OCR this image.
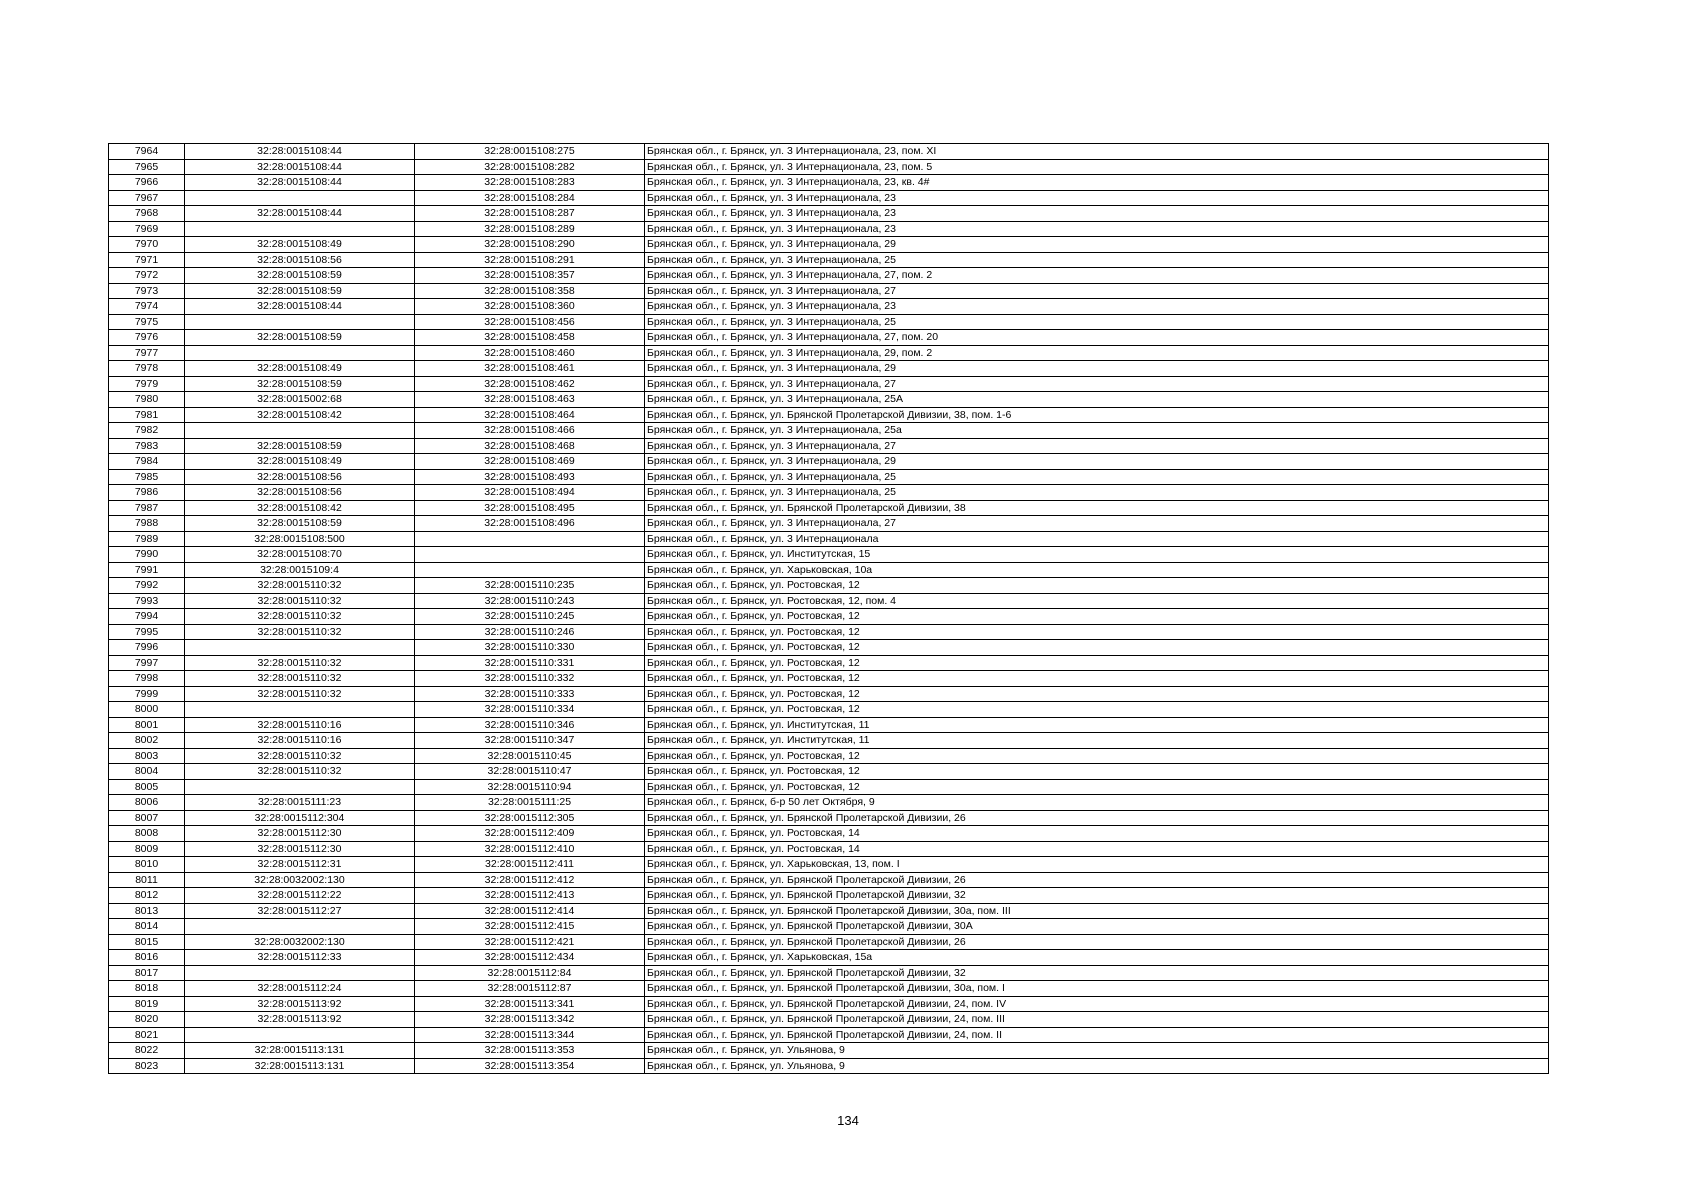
7964	32:28:0015108:44	32:28:0015108:275	Брянская обл., г. Брянск, ул. 3 Интернационала, 23, пом. XI
7965	32:28:0015108:44	32:28:0015108:282	Брянская обл., г. Брянск, ул. 3 Интернационала, 23, пом. 5
7966	32:28:0015108:44	32:28:0015108:283	Брянская обл., г. Брянск, ул. 3 Интернационала, 23, кв. 4#
7967		32:28:0015108:284	Брянская обл., г. Брянск, ул. 3 Интернационала, 23
7968	32:28:0015108:44	32:28:0015108:287	Брянская обл., г. Брянск, ул. 3 Интернационала, 23
7969		32:28:0015108:289	Брянская обл., г. Брянск, ул. 3 Интернационала, 23
7970	32:28:0015108:49	32:28:0015108:290	Брянская обл., г. Брянск, ул. 3 Интернационала, 29
7971	32:28:0015108:56	32:28:0015108:291	Брянская обл., г. Брянск, ул. 3 Интернационала, 25
7972	32:28:0015108:59	32:28:0015108:357	Брянская обл., г. Брянск, ул. 3 Интернационала, 27, пом. 2
7973	32:28:0015108:59	32:28:0015108:358	Брянская обл., г. Брянск, ул. 3 Интернационала, 27
7974	32:28:0015108:44	32:28:0015108:360	Брянская обл., г. Брянск, ул. 3 Интернационала, 23
7975		32:28:0015108:456	Брянская обл., г. Брянск, ул. 3 Интернационала, 25
7976	32:28:0015108:59	32:28:0015108:458	Брянская обл., г. Брянск, ул. 3 Интернационала, 27, пом. 20
7977		32:28:0015108:460	Брянская обл., г. Брянск, ул. 3 Интернационала, 29, пом. 2
7978	32:28:0015108:49	32:28:0015108:461	Брянская обл., г. Брянск, ул. 3 Интернационала, 29
7979	32:28:0015108:59	32:28:0015108:462	Брянская обл., г. Брянск, ул. 3 Интернационала, 27
7980	32:28:0015002:68	32:28:0015108:463	Брянская обл., г. Брянск, ул. 3 Интернационала, 25А
7981	32:28:0015108:42	32:28:0015108:464	Брянская обл., г. Брянск, ул. Брянской Пролетарской Дивизии, 38, пом. 1-6
7982		32:28:0015108:466	Брянская обл., г. Брянск, ул. 3 Интернационала, 25а
7983	32:28:0015108:59	32:28:0015108:468	Брянская обл., г. Брянск, ул. 3 Интернационала, 27
7984	32:28:0015108:49	32:28:0015108:469	Брянская обл., г. Брянск, ул. 3 Интернационала, 29
7985	32:28:0015108:56	32:28:0015108:493	Брянская обл., г. Брянск, ул. 3 Интернационала, 25
7986	32:28:0015108:56	32:28:0015108:494	Брянская обл., г. Брянск, ул. 3 Интернационала, 25
7987	32:28:0015108:42	32:28:0015108:495	Брянская обл., г. Брянск, ул. Брянской Пролетарской Дивизии, 38
7988	32:28:0015108:59	32:28:0015108:496	Брянская обл., г. Брянск, ул. 3 Интернационала, 27
7989	32:28:0015108:500		Брянская обл., г. Брянск, ул. 3 Интернационала
7990	32:28:0015108:70		Брянская обл., г. Брянск, ул. Институтская, 15
7991	32:28:0015109:4		Брянская обл., г. Брянск, ул. Харьковская, 10а
7992	32:28:0015110:32	32:28:0015110:235	Брянская обл., г. Брянск, ул. Ростовская, 12
7993	32:28:0015110:32	32:28:0015110:243	Брянская обл., г. Брянск, ул. Ростовская, 12, пом. 4
7994	32:28:0015110:32	32:28:0015110:245	Брянская обл., г. Брянск, ул. Ростовская, 12
7995	32:28:0015110:32	32:28:0015110:246	Брянская обл., г. Брянск, ул. Ростовская, 12
7996		32:28:0015110:330	Брянская обл., г. Брянск, ул. Ростовская, 12
7997	32:28:0015110:32	32:28:0015110:331	Брянская обл., г. Брянск, ул. Ростовская, 12
7998	32:28:0015110:32	32:28:0015110:332	Брянская обл., г. Брянск, ул. Ростовская, 12
7999	32:28:0015110:32	32:28:0015110:333	Брянская обл., г. Брянск, ул. Ростовская, 12
8000		32:28:0015110:334	Брянская обл., г. Брянск, ул. Ростовская, 12
8001	32:28:0015110:16	32:28:0015110:346	Брянская обл., г. Брянск, ул. Институтская, 11
8002	32:28:0015110:16	32:28:0015110:347	Брянская обл., г. Брянск, ул. Институтская, 11
8003	32:28:0015110:32	32:28:0015110:45	Брянская обл., г. Брянск, ул. Ростовская, 12
8004	32:28:0015110:32	32:28:0015110:47	Брянская обл., г. Брянск, ул. Ростовская, 12
8005		32:28:0015110:94	Брянская обл., г. Брянск, ул. Ростовская, 12
8006	32:28:0015111:23	32:28:0015111:25	Брянская обл., г. Брянск, б-р 50 лет Октября, 9
8007	32:28:0015112:304	32:28:0015112:305	Брянская обл., г. Брянск, ул. Брянской Пролетарской Дивизии, 26
8008	32:28:0015112:30	32:28:0015112:409	Брянская обл., г. Брянск, ул. Ростовская, 14
8009	32:28:0015112:30	32:28:0015112:410	Брянская обл., г. Брянск, ул. Ростовская, 14
8010	32:28:0015112:31	32:28:0015112:411	Брянская обл., г. Брянск, ул. Харьковская, 13, пом. I
8011	32:28:0032002:130	32:28:0015112:412	Брянская обл., г. Брянск, ул. Брянской Пролетарской Дивизии, 26
8012	32:28:0015112:22	32:28:0015112:413	Брянская обл., г. Брянск, ул. Брянской Пролетарской Дивизии, 32
8013	32:28:0015112:27	32:28:0015112:414	Брянская обл., г. Брянск, ул. Брянской Пролетарской Дивизии, 30а, пом. III
8014		32:28:0015112:415	Брянская обл., г. Брянск, ул. Брянской Пролетарской Дивизии, 30А
8015	32:28:0032002:130	32:28:0015112:421	Брянская обл., г. Брянск, ул. Брянской Пролетарской Дивизии, 26
8016	32:28:0015112:33	32:28:0015112:434	Брянская обл., г. Брянск, ул. Харьковская, 15а
8017		32:28:0015112:84	Брянская обл., г. Брянск, ул. Брянской Пролетарской Дивизии, 32
8018	32:28:0015112:24	32:28:0015112:87	Брянская обл., г. Брянск, ул. Брянской Пролетарской Дивизии, 30а, пом. I
8019	32:28:0015113:92	32:28:0015113:341	Брянская обл., г. Брянск, ул. Брянской Пролетарской Дивизии, 24, пом. IV
8020	32:28:0015113:92	32:28:0015113:342	Брянская обл., г. Брянск, ул. Брянской Пролетарской Дивизии, 24, пом. III
8021		32:28:0015113:344	Брянская обл., г. Брянск, ул. Брянской Пролетарской Дивизии, 24, пом. II
8022	32:28:0015113:131	32:28:0015113:353	Брянская обл., г. Брянск, ул. Ульянова, 9
8023	32:28:0015113:131	32:28:0015113:354	Брянская обл., г. Брянск, ул. Ульянова, 9
134
